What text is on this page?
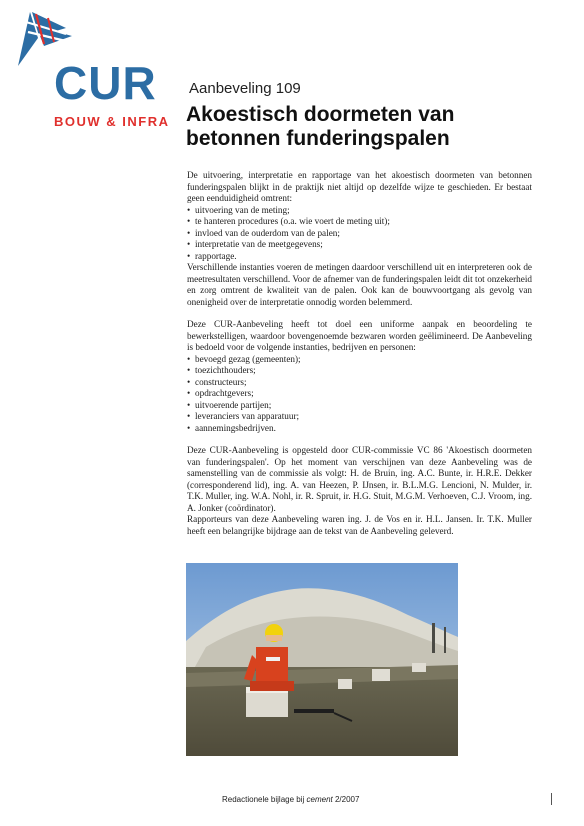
CUR
BOUW & INFRA
Aanbeveling 109
Akoestisch doormeten van betonnen funderingspalen

De uitvoering, interpretatie en rapportage van het akoestisch doormeten van betonnen funderingspalen blijkt in de praktijk niet altijd op dezelfde wijze te geschieden. Er bestaat geen eenduidigheid omtrent:

• uitvoering van de meting;
• te hanteren procedures (o.a. wie voert de meting uit);
• invloed van de ouderdom van de palen;
• interpretatie van de meetgegevens;
• rapportage.

Verschillende instanties voeren de metingen daardoor verschillend uit en interpreteren ook de meetresultaten verschillend. Voor de afnemer van de funderingspalen leidt dit tot onzekerheid en zorg omtrent de kwaliteit van de palen. Ook kan de bouwvoortgang als gevolg van onenigheid over de interpretatie onnodig worden belemmerd.

Deze CUR-Aanbeveling heeft tot doel een uniforme aanpak en beoordeling te bewerkstelligen, waardoor bovengenoemde bezwaren worden geëlimineerd. De Aanbeveling is bedoeld voor de volgende instanties, bedrijven en personen:

• bevoegd gezag (gemeenten);
• toezichthouders;
• constructeurs;
• opdrachtgevers;
• uitvoerende partijen;
• leveranciers van apparatuur;
• aannemingsbedrijven.

Deze CUR-Aanbeveling is opgesteld door CUR-commissie VC 86 'Akoestisch doormeten van funderingspalen'. Op het moment van verschijnen van deze Aanbeveling was de samenstelling van de commissie als volgt: H. de Bruin, ing. A.C. Bunte, ir. H.R.E. Dekker (corresponderend lid), ing. A. van Heezen, P. IJnsen, ir. B.L.M.G. Lencioni, N. Mulder, ir. T.K. Muller, ing. W.A. Nohl, ir. R. Spruit, ir. H.G. Stuit, M.G.M. Verhoeven, C.J. Vroom, ing. A. Jonker (coördinator).

Rapporteurs van deze Aanbeveling waren ing. J. de Vos en ir. H.L. Jansen. Ir. T.K. Muller heeft een belangrijke bijdrage aan de tekst van de Aanbeveling geleverd.

Redactionele bijlage bij cement 2/2007
